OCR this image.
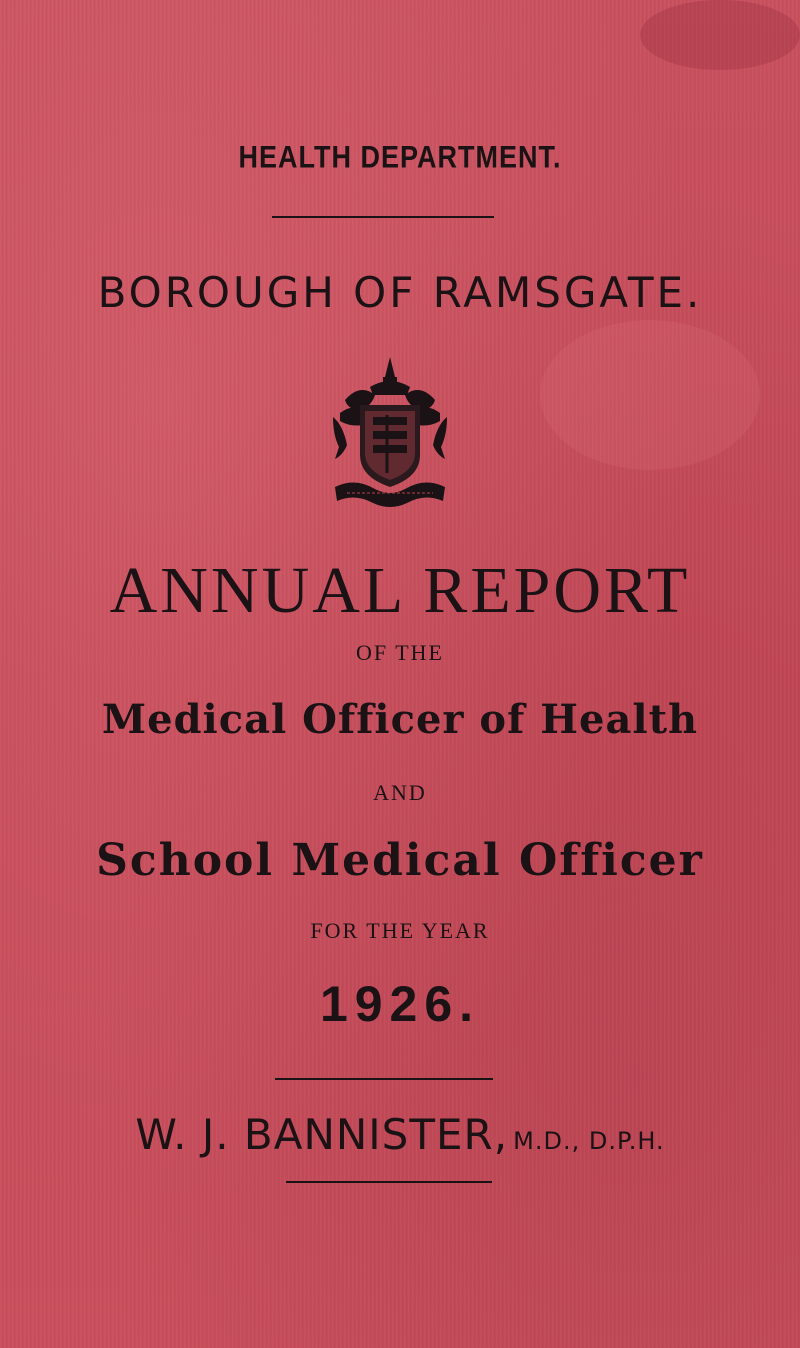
HEALTH DEPARTMENT.
BOROUGH OF RAMSGATE.
ANNUAL REPORT
OF THE
Medical Officer of Health
AND
School Medical Officer
FOR THE YEAR
1926.
W. J. BANNISTER, M.D., D.P.H.
